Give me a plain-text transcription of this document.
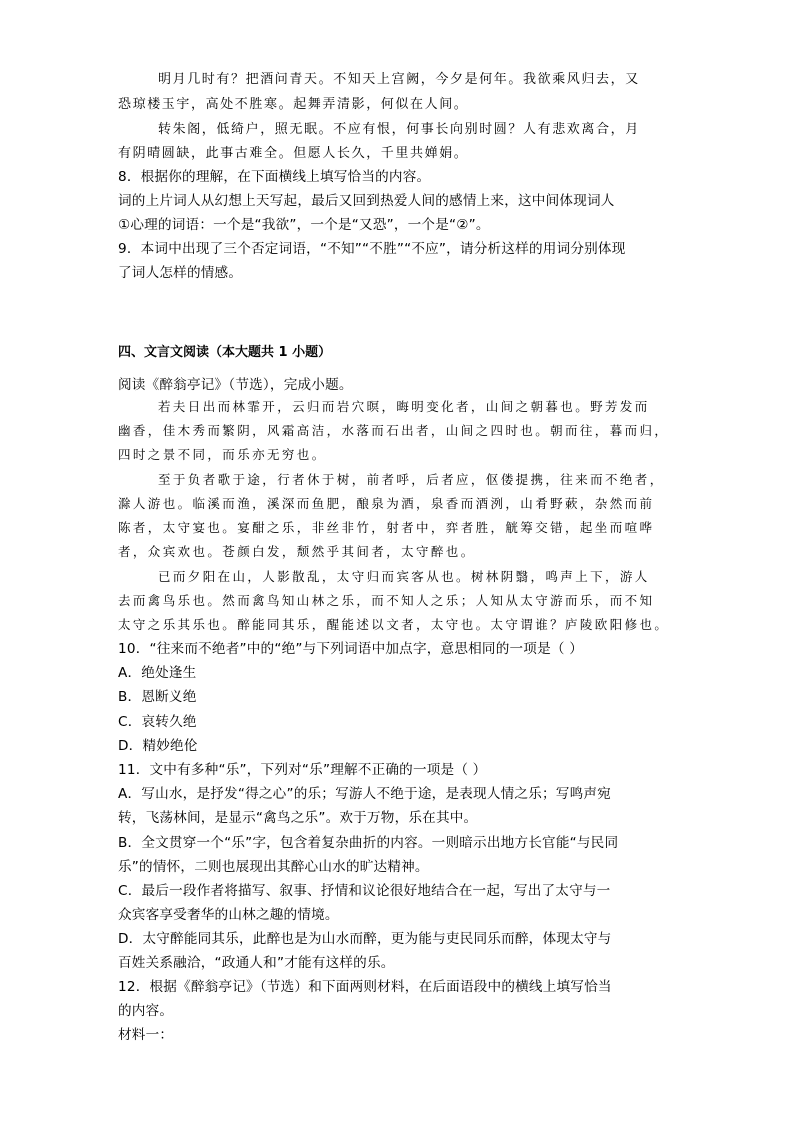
明月几时有？把酒问青天。不知天上宫阙，今夕是何年。我欲乘风归去，又

恐琼楼玉宇，高处不胜寒。起舞弄清影，何似在人间。

转朱阁，低绮户，照无眠。不应有恨，何事长向别时圆？人有悲欢离合，月

有阴晴圆缺，此事古难全。但愿人长久，千里共婵娟。

8．根据你的理解，在下面横线上填写恰当的内容。

词的上片词人从幻想上天写起，最后又回到热爱人间的感情上来，这中间体现词人

①心理的词语：一个是“我欲”，一个是“又恐”，一个是“②”。

9．本词中出现了三个否定词语，“不知”“不胜”“不应”，请分析这样的用词分别体现

了词人怎样的情感。

四、文言文阅读（本大题共 1 小题）

阅读《醉翁亭记》（节选），完成小题。

若夫日出而林霏开，云归而岩穴暝，晦明变化者，山间之朝暮也。野芳发而

幽香，佳木秀而繁阴，风霜高洁，水落而石出者，山间之四时也。朝而往，暮而归，

四时之景不同，而乐亦无穷也。

至于负者歌于途，行者休于树，前者呼，后者应，伛偻提携，往来而不绝者，

滁人游也。临溪而渔，溪深而鱼肥，酿泉为酒，泉香而酒洌，山肴野蔌，杂然而前

陈者，太守宴也。宴酣之乐，非丝非竹，射者中，弈者胜，觥筹交错，起坐而喧哗

者，众宾欢也。苍颜白发，颓然乎其间者，太守醉也。

已而夕阳在山，人影散乱，太守归而宾客从也。树林阴翳，鸣声上下，游人

去而禽鸟乐也。然而禽鸟知山林之乐，而不知人之乐；人知从太守游而乐，而不知

太守之乐其乐也。醉能同其乐，醒能述以文者，太守也。太守谓谁？庐陵欧阳修也。

10．“往来而不绝者”中的“绝”与下列词语中加点字，意思相同的一项是（ ）

A．绝处逢生

B．恩断义绝

C．哀转久绝

D．精妙绝伦

11．文中有多种“乐”，下列对“乐”理解不正确的一项是（ ）

A．写山水，是抒发“得之心”的乐；写游人不绝于途，是表现人情之乐；写鸣声宛

转，飞荡林间，是显示“禽鸟之乐”。欢于万物，乐在其中。

B．全文贯穿一个“乐”字，包含着复杂曲折的内容。一则暗示出地方长官能“与民同

乐”的情怀，二则也展现出其醉心山水的旷达精神。

C．最后一段作者将描写、叙事、抒情和议论很好地结合在一起，写出了太守与一

众宾客享受奢华的山林之趣的情境。

D．太守醉能同其乐，此醉也是为山水而醉，更为能与吏民同乐而醉，体现太守与

百姓关系融洽，“政通人和”才能有这样的乐。

12．根据《醉翁亭记》（节选）和下面两则材料，在后面语段中的横线上填写恰当

的内容。

材料一：
